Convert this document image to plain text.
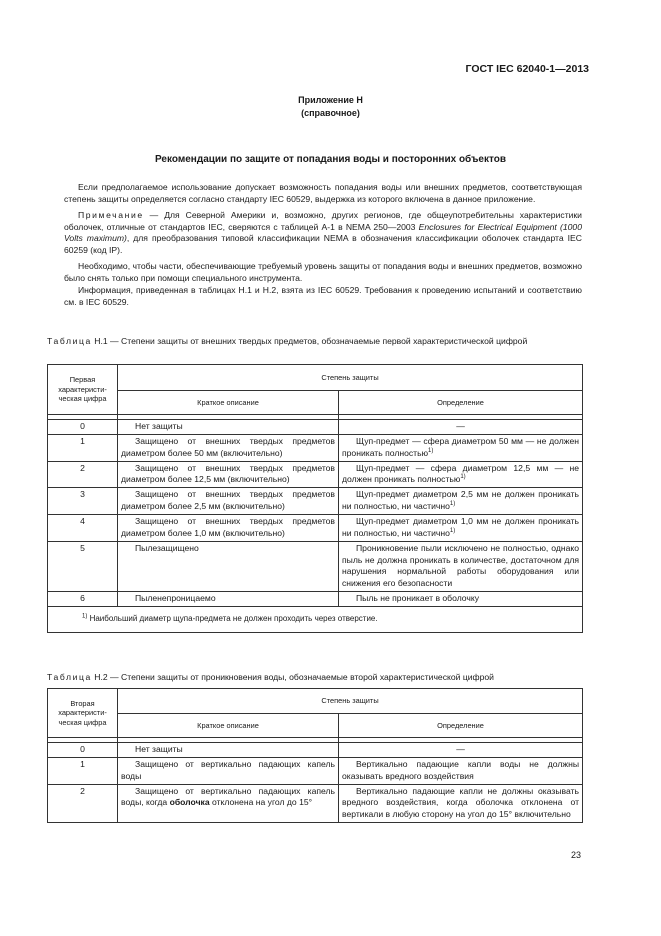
ГОСТ IEC 62040-1—2013
Приложение Н
(справочное)
Рекомендации по защите от попадания воды и посторонних объектов

Если предполагаемое использование допускает возможность попадания воды или внешних предметов, соответствующая степень защиты определяется согласно стандарту IEC 60529, выдержка из которого включена в данное приложение.

Примечание — Для Северной Америки и, возможно, других регионов, где общеупотребительны характеристики оболочек, отличные от стандартов IEC, сверяются с таблицей А-1 в NEMA 250—2003 Enclosures for Electrical Equipment (1000 Volts maximum), для преобразования типовой классификации NEMA в обозначения классификации оболочек стандарта IEC 60259 (код IP).

Необходимо, чтобы части, обеспечивающие требуемый уровень защиты от попадания воды и внешних предметов, возможно было снять только при помощи специального инструмента.

Информация, приведенная в таблицах Н.1 и Н.2, взята из IEC 60529. Требования к проведению испытаний и соответствию см. в IEC 60529.

Таблица Н.1 — Степени защиты от внешних твердых предметов, обозначаемые первой характеристической цифрой
Первая характеристи-ческая цифра	Степень защиты	
	Краткое описание	Определение

0	Нет защиты	—
1	Защищено от внешних твердых предметов диаметром более 50 мм (включительно)	Щуп-предмет — сфера диаметром 50 мм — не должен проникать полностью$^{1)}$
2	Защищено от внешних твердых предметов диаметром более 12,5 мм (включительно)	Щуп-предмет — сфера диаметром 12,5 мм — не должен проникать полностью$^{1)}$
3	Защищено от внешних твердых предметов диаметром более 2,5 мм (включительно)	Щуп-предмет диаметром 2,5 мм не должен проникать ни полностью, ни частично$^{1)}$
4	Защищено от внешних твердых предметов диаметром более 1,0 мм (включительно)	Щуп-предмет диаметром 1,0 мм не должен проникать ни полностью, ни частично$^{1)}$
5	Пылезащищено	Проникновение пыли исключено не полностью, однако пыль не должна проникать в количестве, достаточном для нарушения нормальной работы оборудования или снижения его безопасности
6	Пыленепроницаемо	Пыль не проникает в оболочку
$^{1)}$ Наибольший диаметр щупа-предмета не должен проходить через отверстие.		
Таблица Н.2 — Степени защиты от проникновения воды, обозначаемые второй характеристической цифрой
Вторая характеристи-ческая цифра	Степень защиты	
	Краткое описание	Определение

0	Нет защиты	—
1	Защищено от вертикально падающих капель воды	Вертикально падающие капли воды не должны оказывать вредного воздействия
2	Защищено от вертикально падающих капель воды, когда оболочка отклонена на угол до 15°	Вертикально падающие капли не должны оказывать вредного воздействия, когда оболочка отклонена от вертикали в любую сторону на угол до 15° включительно
23
